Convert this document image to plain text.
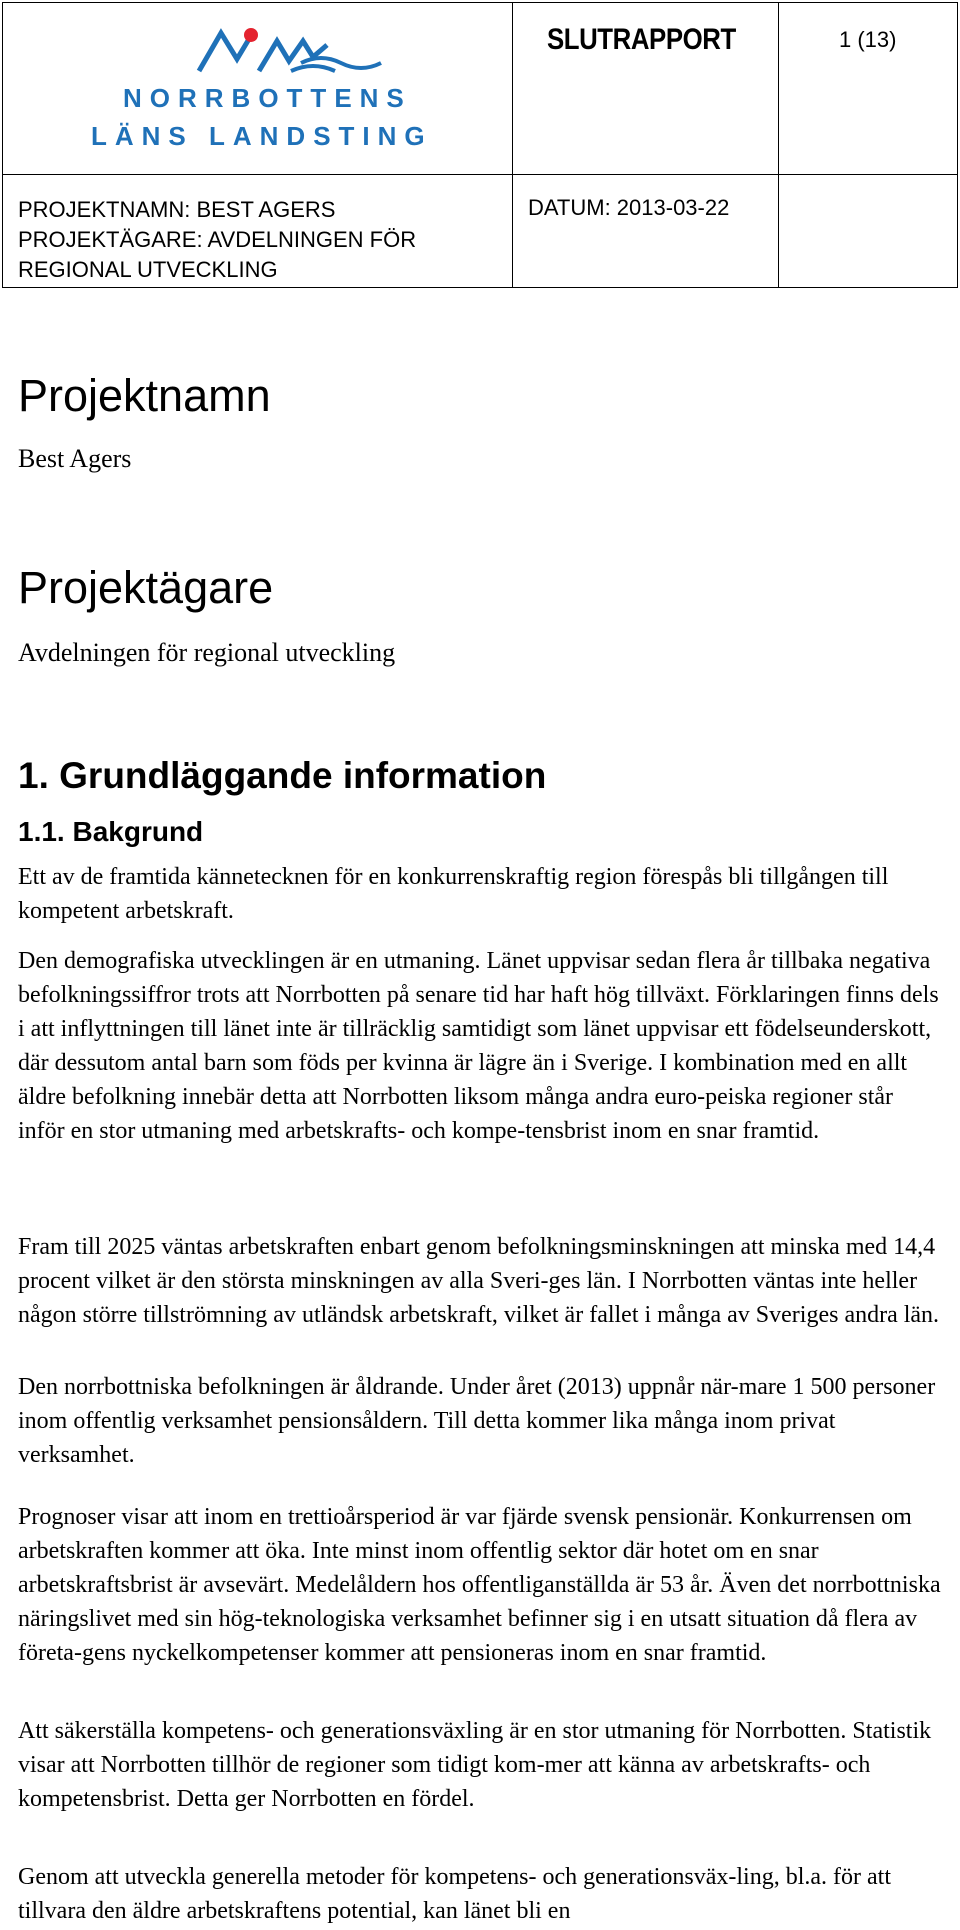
NORRBOTTENS
LÄNS LANDSTING	SLUTRAPPORT	1 (13)

PROJEKTNAMN: BEST AGERS
PROJEKTÄGARE: AVDELNINGEN FÖR
REGIONAL UTVECKLING	DATUM: 2013-03-22	

Projektnamn

Best Agers

Projektägare

Avdelningen för regional utveckling

1. Grundläggande information
1.1. Bakgrund

Ett av de framtida kännetecknen för en konkurrenskraftig region förespås bli tillgången till kompetent arbetskraft.

Den demografiska utvecklingen är en utmaning. Länet uppvisar sedan flera år tillbaka negativa befolkningssiffror trots att Norrbotten på senare tid har haft hög tillväxt. Förklaringen finns dels i att inflyttningen till länet inte är tillräcklig samtidigt som länet uppvisar ett födelseunderskott, där dessutom antal barn som föds per kvinna är lägre än i Sverige. I kombination med en allt äldre befolkning innebär detta att Norrbotten liksom många andra euro-peiska regioner står inför en stor utmaning med arbetskrafts- och kompe-tensbrist inom en snar framtid.

Fram till 2025 väntas arbetskraften enbart genom befolkningsminskningen att minska med 14,4 procent vilket är den största minskningen av alla Sveri-ges län. I Norrbotten väntas inte heller någon större tillströmning av utländsk arbetskraft, vilket är fallet i många av Sveriges andra län.

Den norrbottniska befolkningen är åldrande. Under året (2013) uppnår när-mare 1 500 personer inom offentlig verksamhet pensionsåldern. Till detta kommer lika många inom privat verksamhet.

Prognoser visar att inom en trettioårsperiod är var fjärde svensk pensionär. Konkurrensen om arbetskraften kommer att öka. Inte minst inom offentlig sektor där hotet om en snar arbetskraftsbrist är avsevärt. Medelåldern hos offentliganställda är 53 år. Även det norrbottniska näringslivet med sin hög-teknologiska verksamhet befinner sig i en utsatt situation då flera av företa-gens nyckelkompetenser kommer att pensioneras inom en snar framtid.

Att säkerställa kompetens- och generationsväxling är en stor utmaning för Norrbotten. Statistik visar att Norrbotten tillhör de regioner som tidigt kom-mer att känna av arbetskrafts- och kompetensbrist. Detta ger Norrbotten en fördel.

Genom att utveckla generella metoder för kompetens- och generationsväx-ling, bl.a. för att tillvara den äldre arbetskraftens potential, kan länet bli en
